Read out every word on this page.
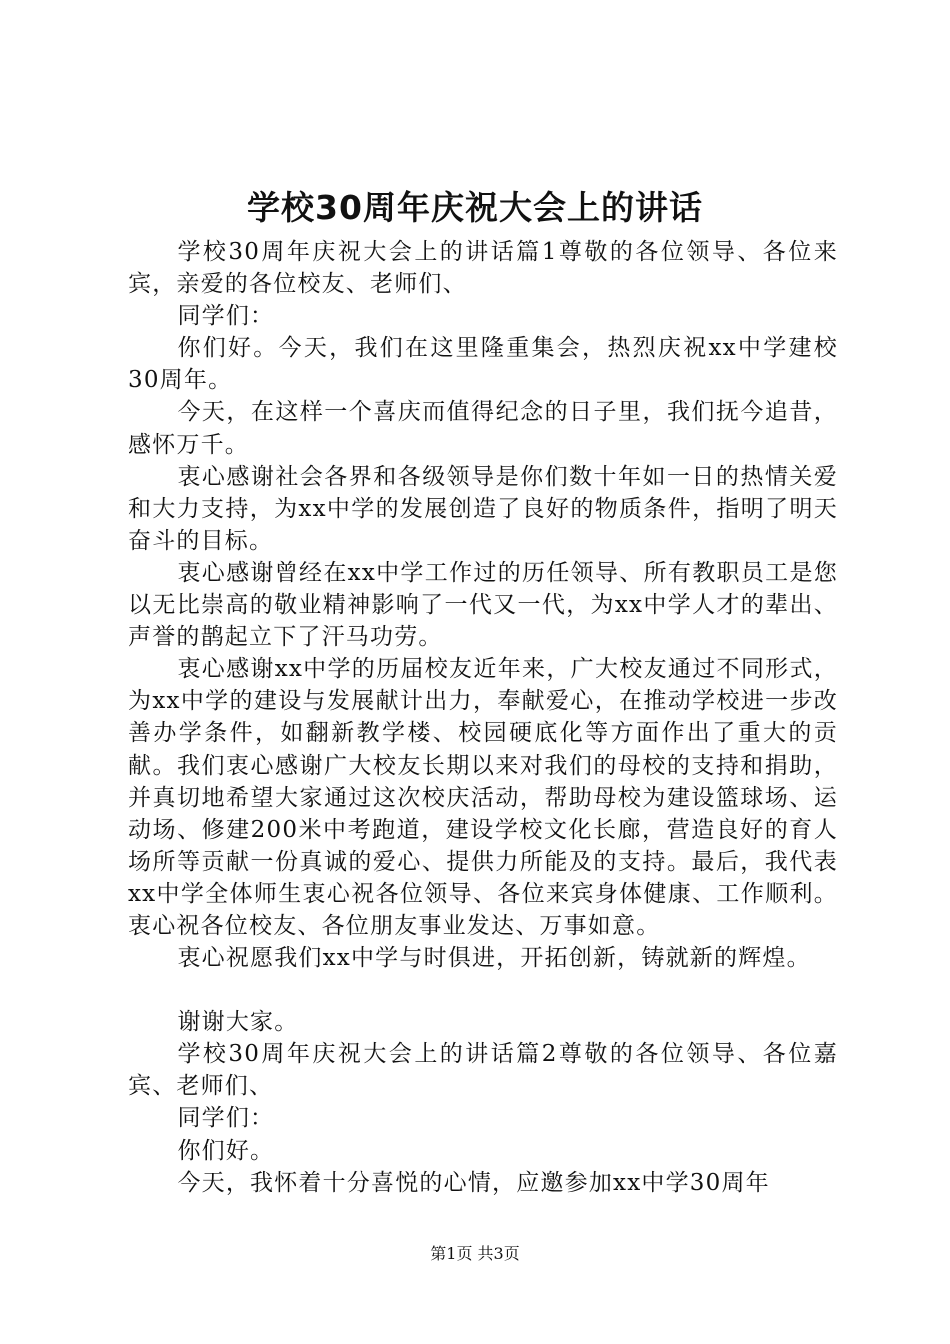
学校30周年庆祝大会上的讲话

学校30周年庆祝大会上的讲话篇1尊敬的各位领导、各位来宾，亲爱的各位校友、老师们、

同学们：

你们好。今天，我们在这里隆重集会，热烈庆祝xx中学建校30周年。

今天，在这样一个喜庆而值得纪念的日子里，我们抚今追昔，感怀万千。

衷心感谢社会各界和各级领导是你们数十年如一日的热情关爱和大力支持，为xx中学的发展创造了良好的物质条件，指明了明天奋斗的目标。

衷心感谢曾经在xx中学工作过的历任领导、所有教职员工是您以无比崇高的敬业精神影响了一代又一代，为xx中学人才的辈出、声誉的鹊起立下了汗马功劳。

衷心感谢xx中学的历届校友近年来，广大校友通过不同形式，为xx中学的建设与发展献计出力，奉献爱心，在推动学校进一步改善办学条件，如翻新教学楼、校园硬底化等方面作出了重大的贡献。我们衷心感谢广大校友长期以来对我们的母校的支持和捐助，并真切地希望大家通过这次校庆活动，帮助母校为建设篮球场、运动场、修建200米中考跑道，建设学校文化长廊，营造良好的育人场所等贡献一份真诚的爱心、提供力所能及的支持。最后，我代表xx中学全体师生衷心祝各位领导、各位来宾身体健康、工作顺利。衷心祝各位校友、各位朋友事业发达、万事如意。

衷心祝愿我们xx中学与时俱进，开拓创新，铸就新的辉煌。

谢谢大家。

学校30周年庆祝大会上的讲话篇2尊敬的各位领导、各位嘉宾、老师们、

同学们：

你们好。

今天，我怀着十分喜悦的心情，应邀参加xx中学30周年

第1页 共3页
